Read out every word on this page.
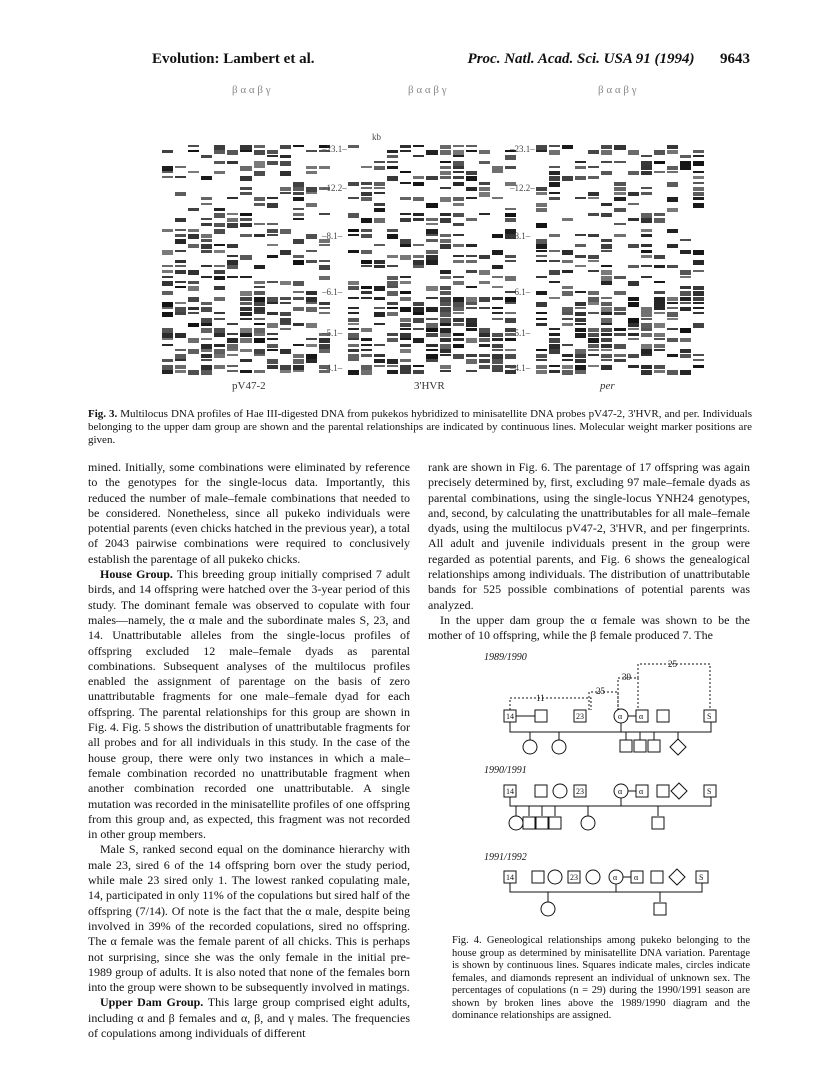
Evolution: Lambert et al.	Proc. Natl. Acad. Sci. USA 91 (1994) 9643
β α α β γ	β α α β γ	β α α β γ
kb
–23.1–
–12.2–
–8.1–
–6.1–
–5.1–
–4.1–
–23.1–
–12.2–
–8.1–
–6.1–
–5.1–
–4.1–
pV47-2	3'HVR	per
Fig. 3. Multilocus DNA profiles of Hae III-digested DNA from pukekos hybridized to minisatellite DNA probes pV47-2, 3'HVR, and per. Individuals belonging to the upper dam group are shown and the parental relationships are indicated by continuous lines. Molecular weight marker positions are given.

mined. Initially, some combinations were eliminated by reference to the genotypes for the single-locus data. Importantly, this reduced the number of male–female combinations that needed to be considered. Nonetheless, since all pukeko individuals were potential parents (even chicks hatched in the previous year), a total of 2043 pairwise combinations were required to conclusively establish the parentage of all pukeko chicks.

House Group. This breeding group initially comprised 7 adult birds, and 14 offspring were hatched over the 3-year period of this study. The dominant female was observed to copulate with four males—namely, the α male and the subordinate males S, 23, and 14. Unattributable alleles from the single-locus profiles of offspring excluded 12 male–female dyads as parental combinations. Subsequent analyses of the multilocus profiles enabled the assignment of parentage on the basis of zero unattributable fragments for one male–female dyad for each offspring. The parental relationships for this group are shown in Fig. 4. Fig. 5 shows the distribution of unattributable fragments for all probes and for all individuals in this study. In the case of the house group, there were only two instances in which a male–female combination recorded no unattributable fragment when another combination recorded one unattributable. A single mutation was recorded in the minisatellite profiles of one offspring from this group and, as expected, this fragment was not recorded in other group members.

Male S, ranked second equal on the dominance hierarchy with male 23, sired 6 of the 14 offspring born over the study period, while male 23 sired only 1. The lowest ranked copulating male, 14, participated in only 11% of the copulations but sired half of the offspring (7/14). Of note is the fact that the α male, despite being involved in 39% of the recorded copulations, sired no offspring. The α female was the female parent of all chicks. This is perhaps not surprising, since she was the only female in the initial pre-1989 group of adults. It is also noted that none of the females born into the group were shown to be subsequently involved in matings.

Upper Dam Group. This large group comprised eight adults, including α and β females and α, β, and γ males. The frequencies of copulations among individuals of different

rank are shown in Fig. 6. The parentage of 17 offspring was again precisely determined by, first, excluding 97 male–female dyads as parental combinations, using the single-locus YNH24 genotypes, and, second, by calculating the unattributables for all male–female dyads, using the multilocus pV47-2, 3'HVR, and per fingerprints. All adult and juvenile individuals present in the group were regarded as potential parents, and Fig. 6 shows the genealogical relationships among individuals. The distribution of unattributable bands for 525 possible combinations of potential parents was analyzed.

In the upper dam group the α female was shown to be the mother of 10 offspring, while the β female produced 7. The

1989/1990
1990/1991
1991/1992
11
25
39
25
14	23	α α	S
14	23	α α	S
14	23	α α	S
Fig. 4. Geneological relationships among pukeko belonging to the house group as determined by minisatellite DNA variation. Parentage is shown by continuous lines. Squares indicate males, circles indicate females, and diamonds represent an individual of unknown sex. The percentages of copulations (n = 29) during the 1990/1991 season are shown by broken lines above the 1989/1990 diagram and the dominance relationships are assigned.
